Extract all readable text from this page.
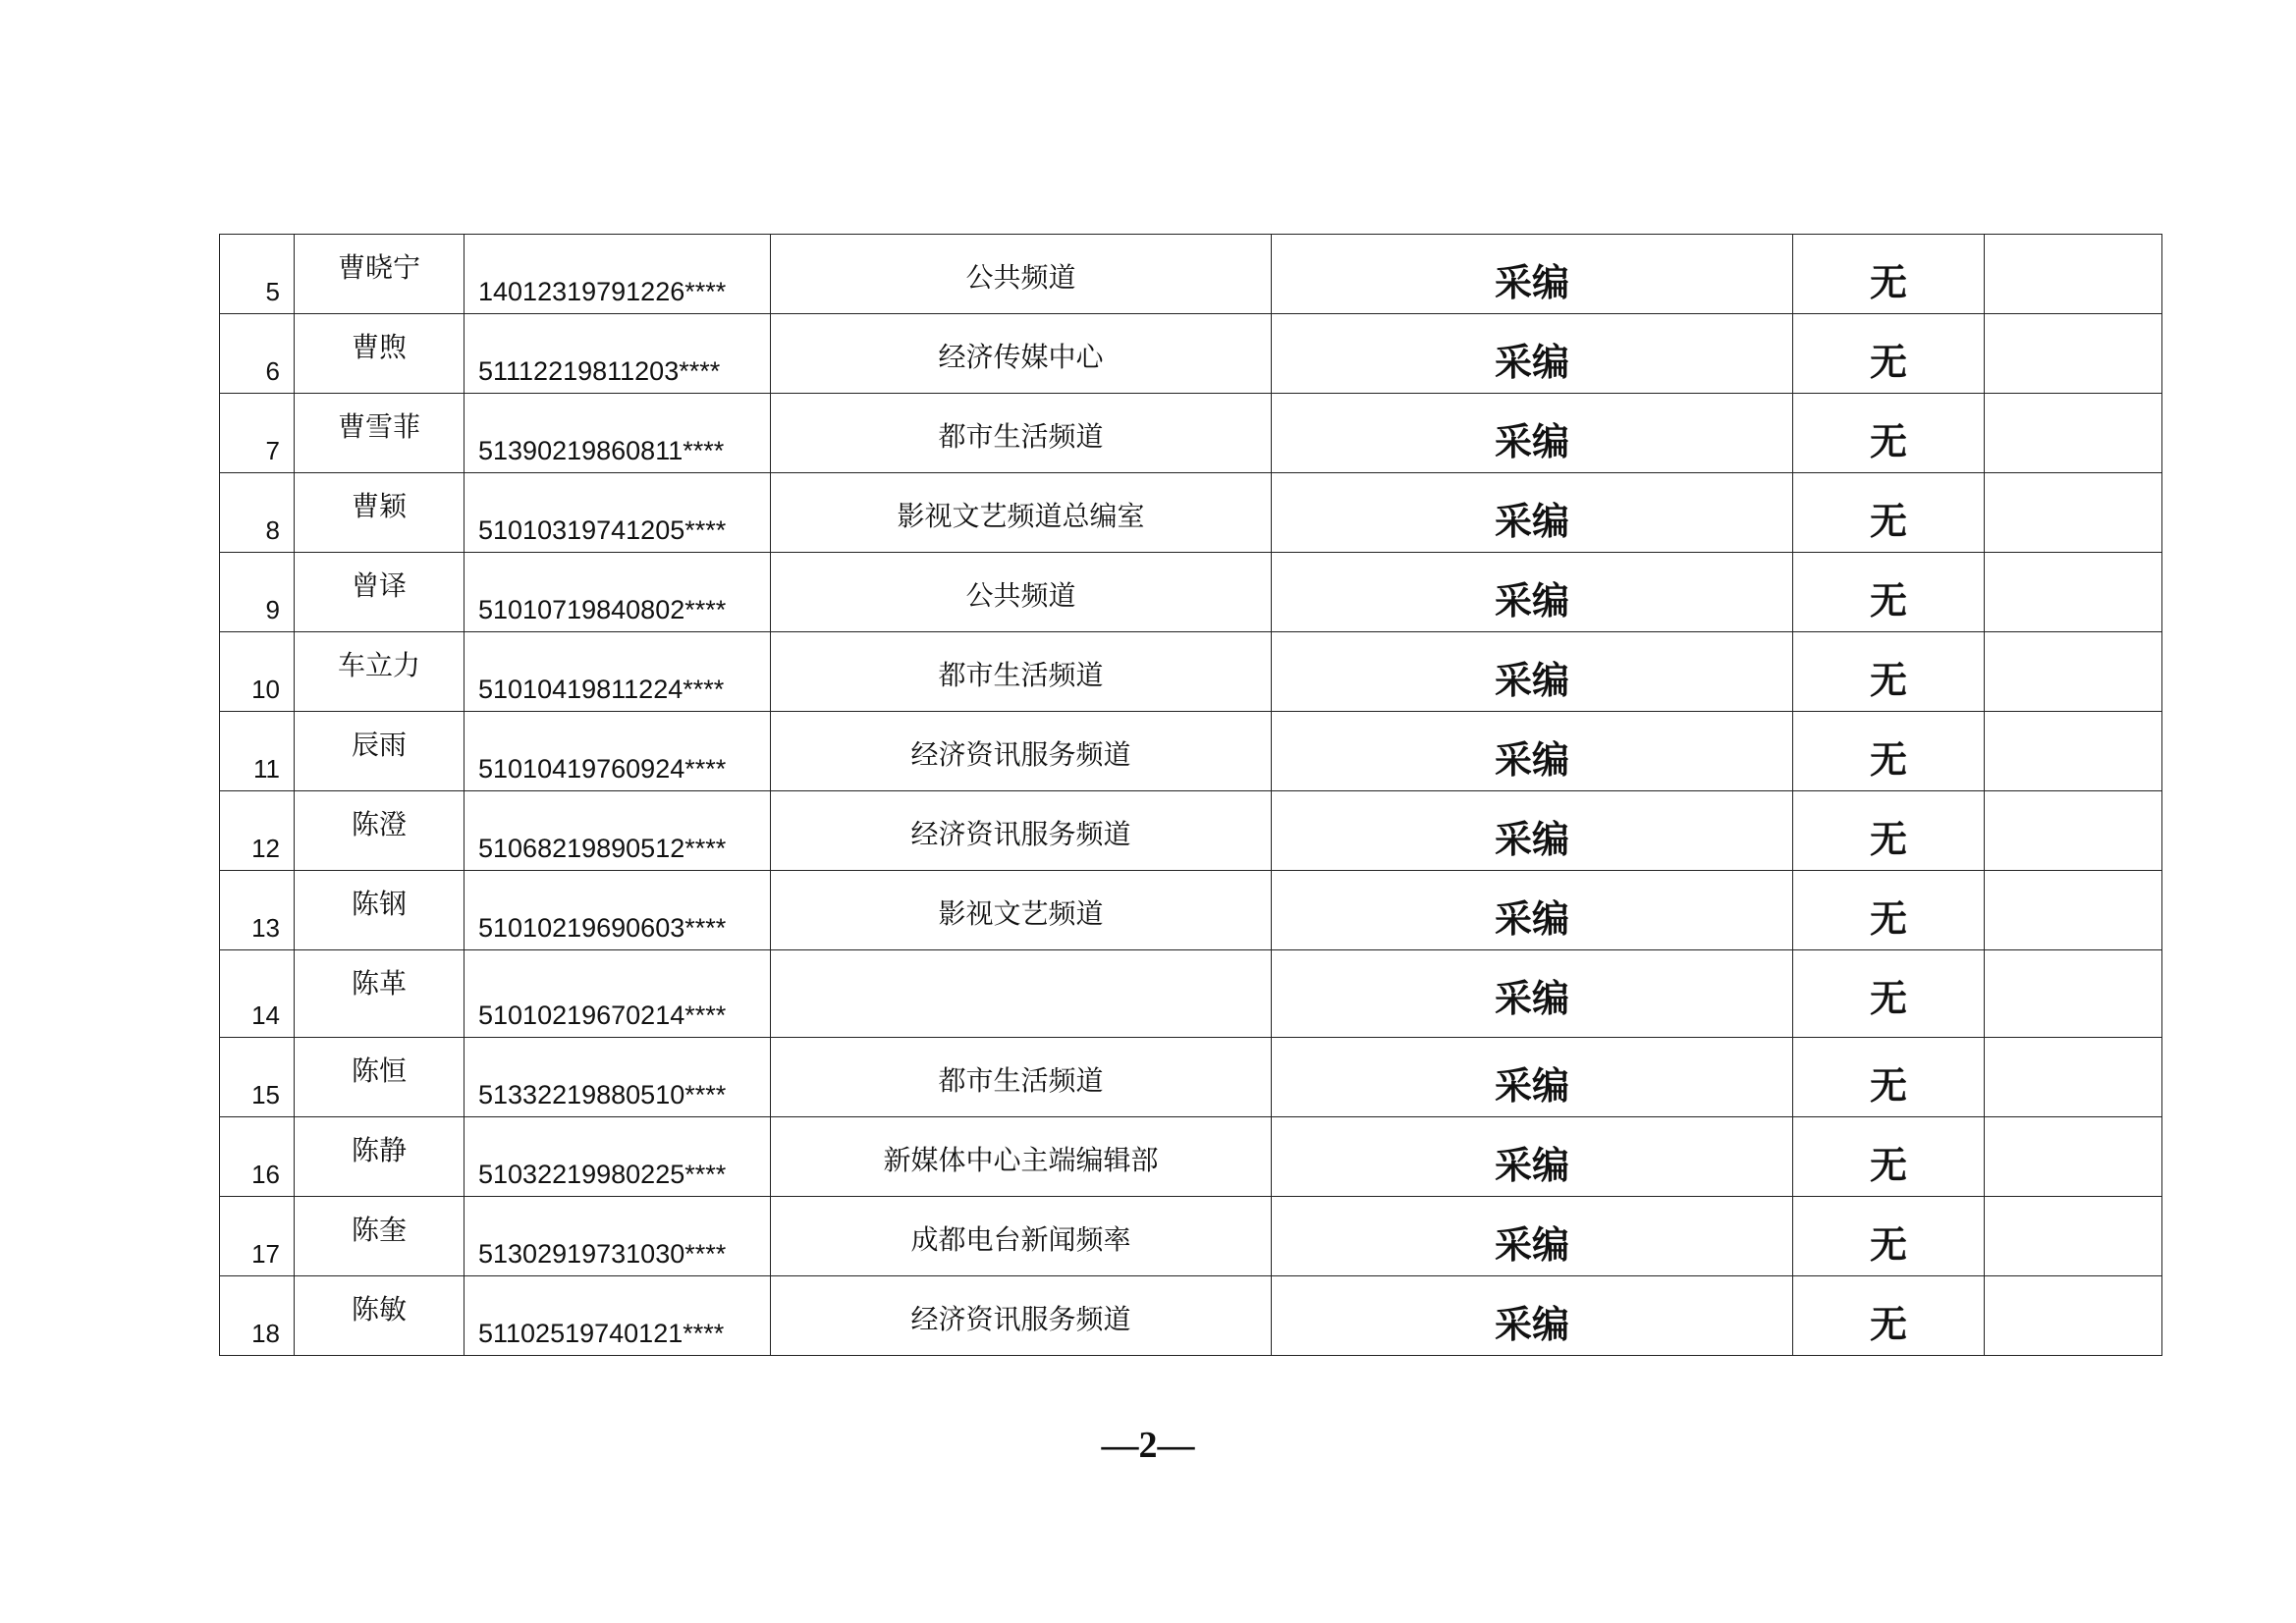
5	曹晓宁	14012319791226****	公共频道	采编	无	

6	曹煦	51112219811203****	经济传媒中心	采编	无	

7	曹雪菲	51390219860811****	都市生活频道	采编	无	

8	曹颖	51010319741205****	影视文艺频道总编室	采编	无	

9	曾译	51010719840802****	公共频道	采编	无	

10	车立力	51010419811224****	都市生活频道	采编	无	

11	辰雨	51010419760924****	经济资讯服务频道	采编	无	

12	陈澄	51068219890512****	经济资讯服务频道	采编	无	

13	陈钢	51010219690603****	影视文艺频道	采编	无	

14	陈革	51010219670214****		采编	无	

15	陈恒	51332219880510****	都市生活频道	采编	无	

16	陈静	51032219980225****	新媒体中心主端编辑部	采编	无	

17	陈奎	51302919731030****	成都电台新闻频率	采编	无	

18	陈敏	51102519740121****	经济资讯服务频道	采编	无	

—2—
